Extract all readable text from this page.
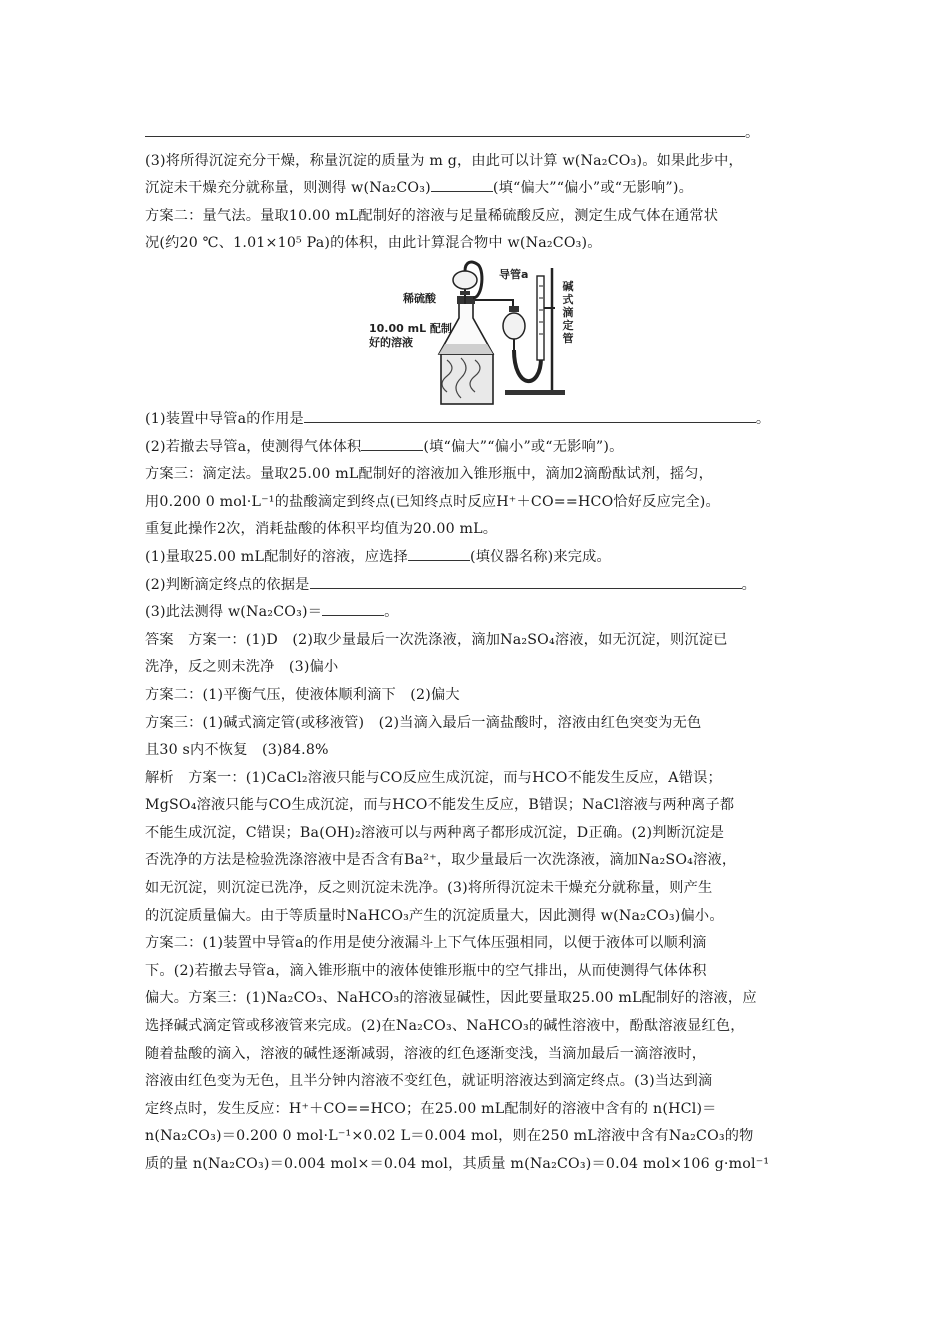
。
(3)将所得沉淀充分干燥，称量沉淀的质量为 m g，由此可以计算 w(Na₂CO₃)。如果此步中，
沉淀未干燥充分就称量，则测得 w(Na₂CO₃)	(填“偏大”“偏小”或“无影响”)。
方案二：量气法。量取10.00 mL配制好的溶液与足量稀硫酸反应，测定生成气体在通常状
况(约20 ℃、1.01×10⁵ Pa)的体积，由此计算混合物中 w(Na₂CO₃)。
导管a
稀硫酸
10.00 mL 配制
好的溶液
碱
式
滴
定
管
(1)装置中导管a的作用是	。
(2)若撤去导管a，使测得气体体积	(填“偏大”“偏小”或“无影响”)。
方案三：滴定法。量取25.00 mL配制好的溶液加入锥形瓶中，滴加2滴酚酞试剂，摇匀，
用0.200 0 mol·L⁻¹的盐酸滴定到终点(已知终点时反应H⁺＋CO==HCO恰好反应完全)。
重复此操作2次，消耗盐酸的体积平均值为20.00 mL。
(1)量取25.00 mL配制好的溶液，应选择	(填仪器名称)来完成。
(2)判断滴定终点的依据是	。
(3)此法测得 w(Na₂CO₃)＝	。
答案　方案一：(1)D　(2)取少量最后一次洗涤液，滴加Na₂SO₄溶液，如无沉淀，则沉淀已
洗净，反之则未洗净　(3)偏小
方案二：(1)平衡气压，使液体顺利滴下　(2)偏大
方案三：(1)碱式滴定管(或移液管)　(2)当滴入最后一滴盐酸时，溶液由红色突变为无色
且30 s内不恢复　(3)84.8%
解析　方案一：(1)CaCl₂溶液只能与CO反应生成沉淀，而与HCO不能发生反应，A错误；
MgSO₄溶液只能与CO生成沉淀，而与HCO不能发生反应，B错误；NaCl溶液与两种离子都
不能生成沉淀，C错误；Ba(OH)₂溶液可以与两种离子都形成沉淀，D正确。(2)判断沉淀是
否洗净的方法是检验洗涤溶液中是否含有Ba²⁺，取少量最后一次洗涤液，滴加Na₂SO₄溶液，
如无沉淀，则沉淀已洗净，反之则沉淀未洗净。(3)将所得沉淀未干燥充分就称量，则产生
的沉淀质量偏大。由于等质量时NaHCO₃产生的沉淀质量大，因此测得 w(Na₂CO₃)偏小。
方案二：(1)装置中导管a的作用是使分液漏斗上下气体压强相同，以便于液体可以顺利滴
下。(2)若撤去导管a，滴入锥形瓶中的液体使锥形瓶中的空气排出，从而使测得气体体积
偏大。方案三：(1)Na₂CO₃、NaHCO₃的溶液显碱性，因此要量取25.00 mL配制好的溶液，应
选择碱式滴定管或移液管来完成。(2)在Na₂CO₃、NaHCO₃的碱性溶液中，酚酞溶液显红色，
随着盐酸的滴入，溶液的碱性逐渐减弱，溶液的红色逐渐变浅，当滴加最后一滴溶液时，
溶液由红色变为无色，且半分钟内溶液不变红色，就证明溶液达到滴定终点。(3)当达到滴
定终点时，发生反应：H⁺＋CO==HCO；在25.00 mL配制好的溶液中含有的 n(HCl)＝
n(Na₂CO₃)＝0.200 0 mol·L⁻¹×0.02 L＝0.004 mol，则在250 mL溶液中含有Na₂CO₃的物
质的量 n(Na₂CO₃)＝0.004 mol×＝0.04 mol，其质量 m(Na₂CO₃)＝0.04 mol×106 g·mol⁻¹
